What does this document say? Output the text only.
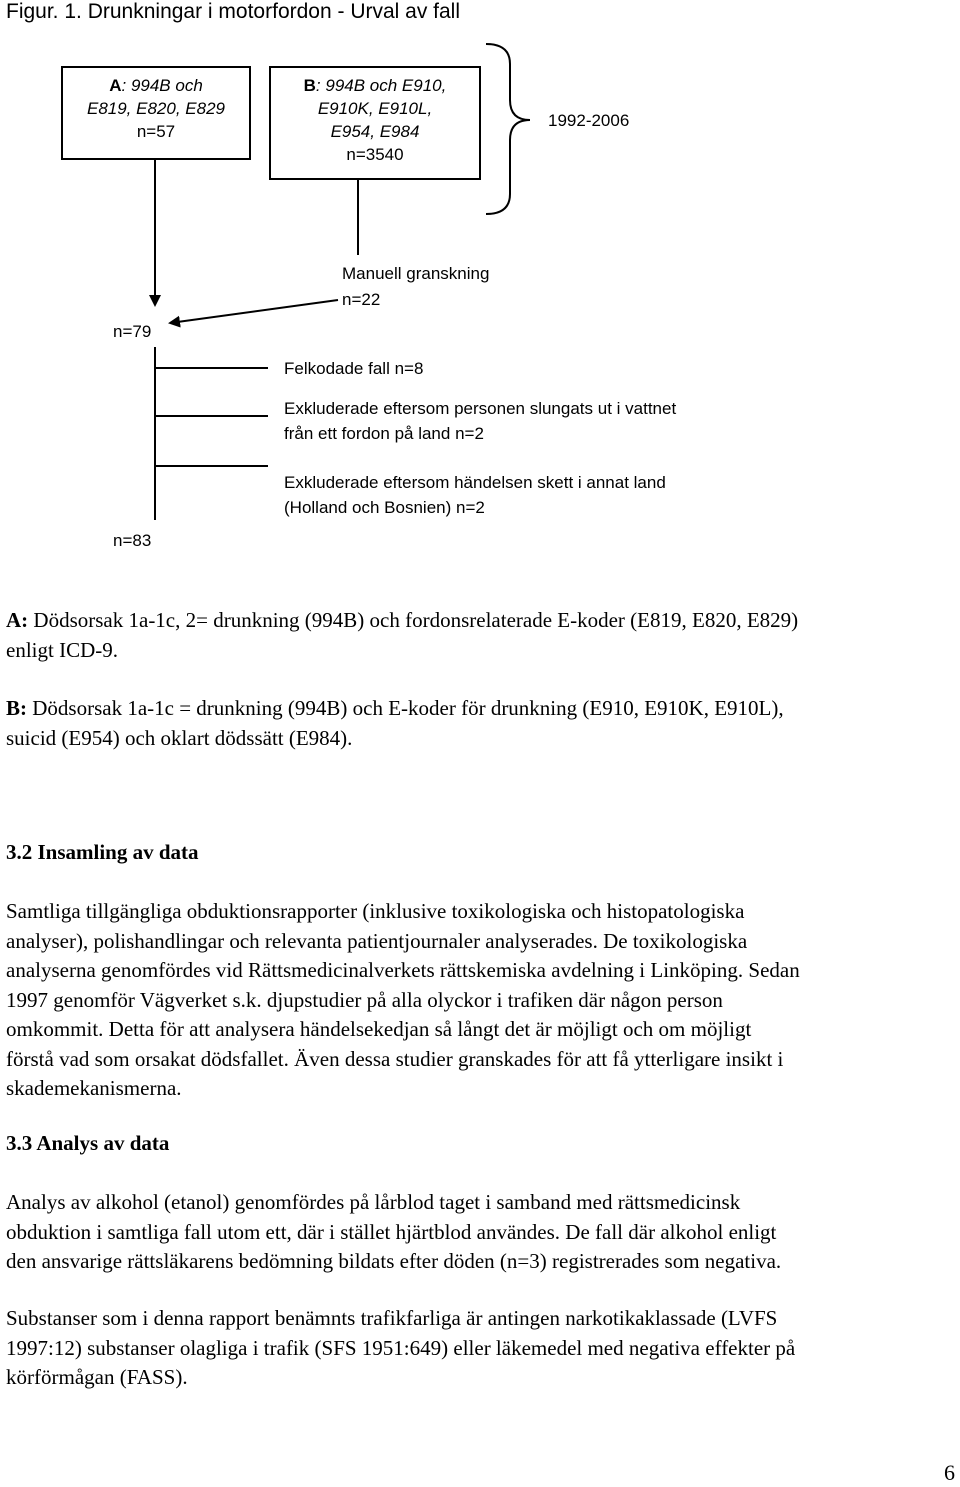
Figur. 1. Drunkningar i motorfordon - Urval av fall
A: 994B och
E819, E820, E829
n=57
B: 994B och E910,
E910K, E910L,
E954, E984
n=3540
1992-2006
Manuell granskning
n=22
n=79
n=83
Felkodade fall n=8
Exkluderade eftersom personen slungats ut i vattnet
från ett fordon på land n=2
Exkluderade eftersom händelsen skett i annat land
(Holland och Bosnien) n=2
A: Dödsorsak 1a-1c, 2= drunkning (994B) och fordonsrelaterade E-koder (E819, E820, E829)
enligt ICD-9.
B: Dödsorsak 1a-1c = drunkning (994B) och E-koder för drunkning (E910, E910K, E910L),
suicid (E954) och oklart dödssätt (E984).
3.2 Insamling av data
Samtliga tillgängliga obduktionsrapporter (inklusive toxikologiska och histopatologiska
analyser), polishandlingar och relevanta patientjournaler analyserades. De toxikologiska
analyserna genomfördes vid Rättsmedicinalverkets rättskemiska avdelning i Linköping. Sedan
1997 genomför Vägverket s.k. djupstudier på alla olyckor i trafiken där någon person
omkommit. Detta för att analysera händelsekedjan så långt det är möjligt och om möjligt
förstå vad som orsakat dödsfallet. Även dessa studier granskades för att få ytterligare insikt i
skademekanismerna.
3.3 Analys av data
Analys av alkohol (etanol) genomfördes på lårblod taget i samband med rättsmedicinsk
obduktion i samtliga fall utom ett, där i stället hjärtblod användes. De fall där alkohol enligt
den ansvarige rättsläkarens bedömning bildats efter döden (n=3) registrerades som negativa.
Substanser som i denna rapport benämnts trafikfarliga är antingen narkotikaklassade (LVFS
1997:12) substanser olagliga i trafik (SFS 1951:649) eller läkemedel med negativa effekter på
körförmågan (FASS).
6
